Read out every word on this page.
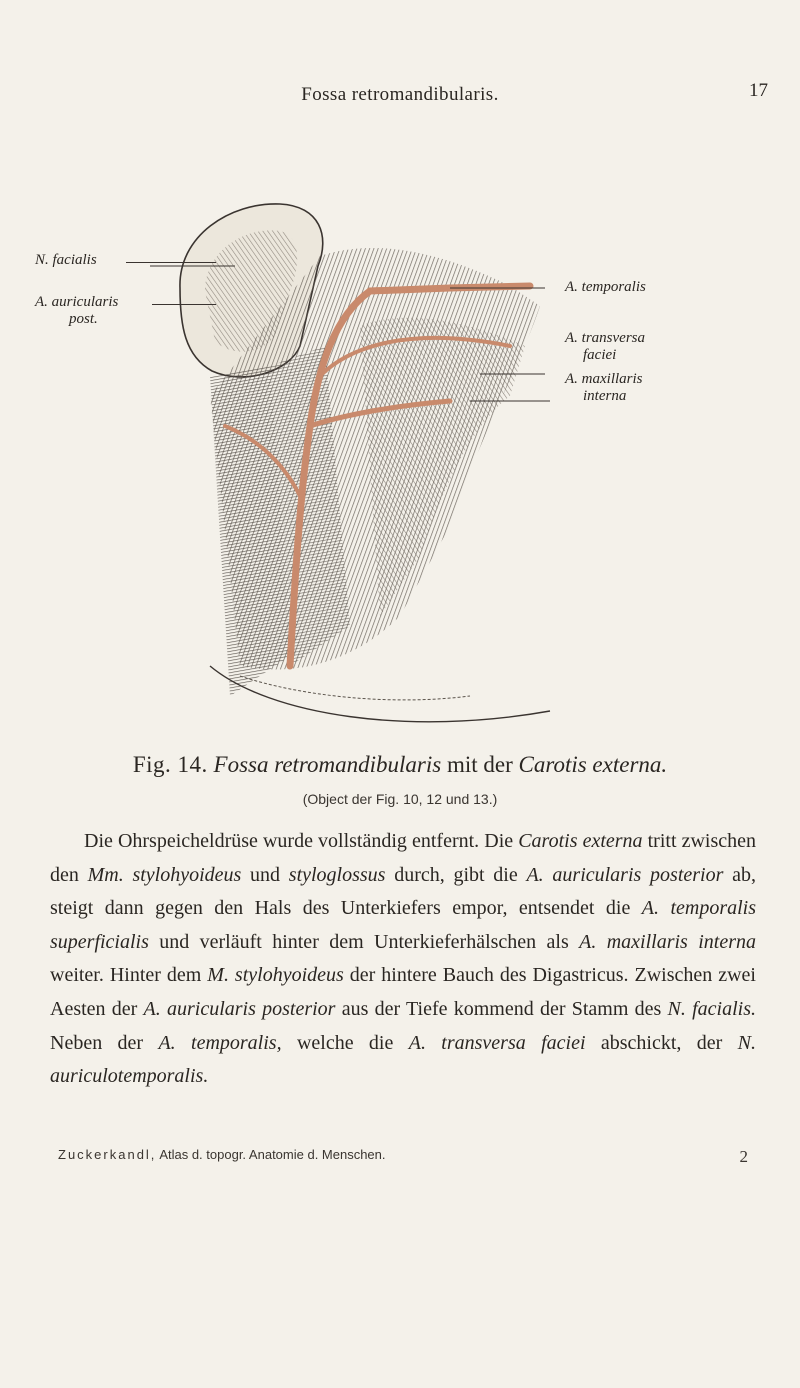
Fossa retromandibularis.	17
N. facialis
A. auricularis
post.
A. temporalis
A. transversa
faciei
A. maxillaris
interna
Fig. 14. Fossa retromandibularis mit der Carotis externa.
(Object der Fig. 10, 12 und 13.)

Die Ohrspeicheldrüse wurde vollständig entfernt. Die Carotis externa tritt zwischen den Mm. stylohyoideus und styloglossus durch, gibt die A. auricularis posterior ab, steigt dann gegen den Hals des Unterkiefers empor, entsendet die A. temporalis superficialis und verläuft hinter dem Unterkieferhälschen als A. maxillaris interna weiter. Hinter dem M. stylohyoideus der hintere Bauch des Digastricus. Zwischen zwei Aesten der A. auricularis posterior aus der Tiefe kommend der Stamm des N. facialis. Neben der A. temporalis, welche die A. transversa faciei abschickt, der N. auriculotemporalis.

Zuckerkandl, Atlas d. topogr. Anatomie d. Menschen.	2
